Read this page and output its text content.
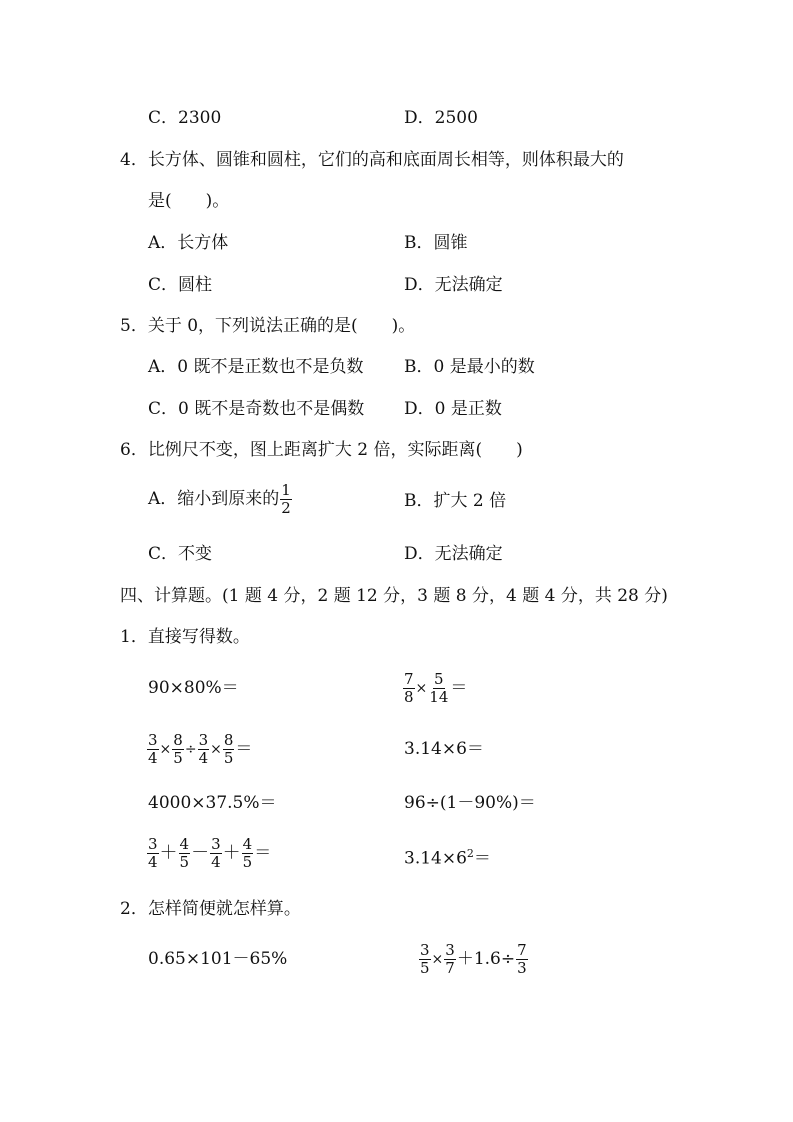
C．2300	D．2500
4．长方体、圆锥和圆柱，它们的高和底面周长相等，则体积最大的
是(　　)。
A．长方体	B．圆锥
C．圆柱	D．无法确定
5．关于 0，下列说法正确的是(　　)。
A．0 既不是正数也不是负数 B．0 是最小的数
C．0 既不是奇数也不是偶数 D．0 是正数
6．比例尺不变，图上距离扩大 2 倍，实际距离(　　)
A．缩小到原来的 $\frac{1}{2}$	B．扩大 2 倍
C．不变	D．无法确定
四、计算题。(1 题 4 分，2 题 12 分，3 题 8 分，4 题 4 分，共 28 分)
1．直接写得数。
90×80%＝	$\frac{7}{8} \times \frac{5}{14}$ ＝
$\frac{3}{4} \times \frac{8}{5} \div \frac{3}{4} \times \frac{8}{5}$ ＝	3.14×6＝
4000×37.5%＝	96÷(1－90%)＝
$\frac{3}{4} + \frac{4}{5} - \frac{3}{4} + \frac{4}{5}$ ＝	$3.14\times 6^2=$
2．怎样简便就怎样算。
0.65×101－65%	$\frac{3}{5} \times \frac{3}{7} +1.6\div \frac{7}{3}$
